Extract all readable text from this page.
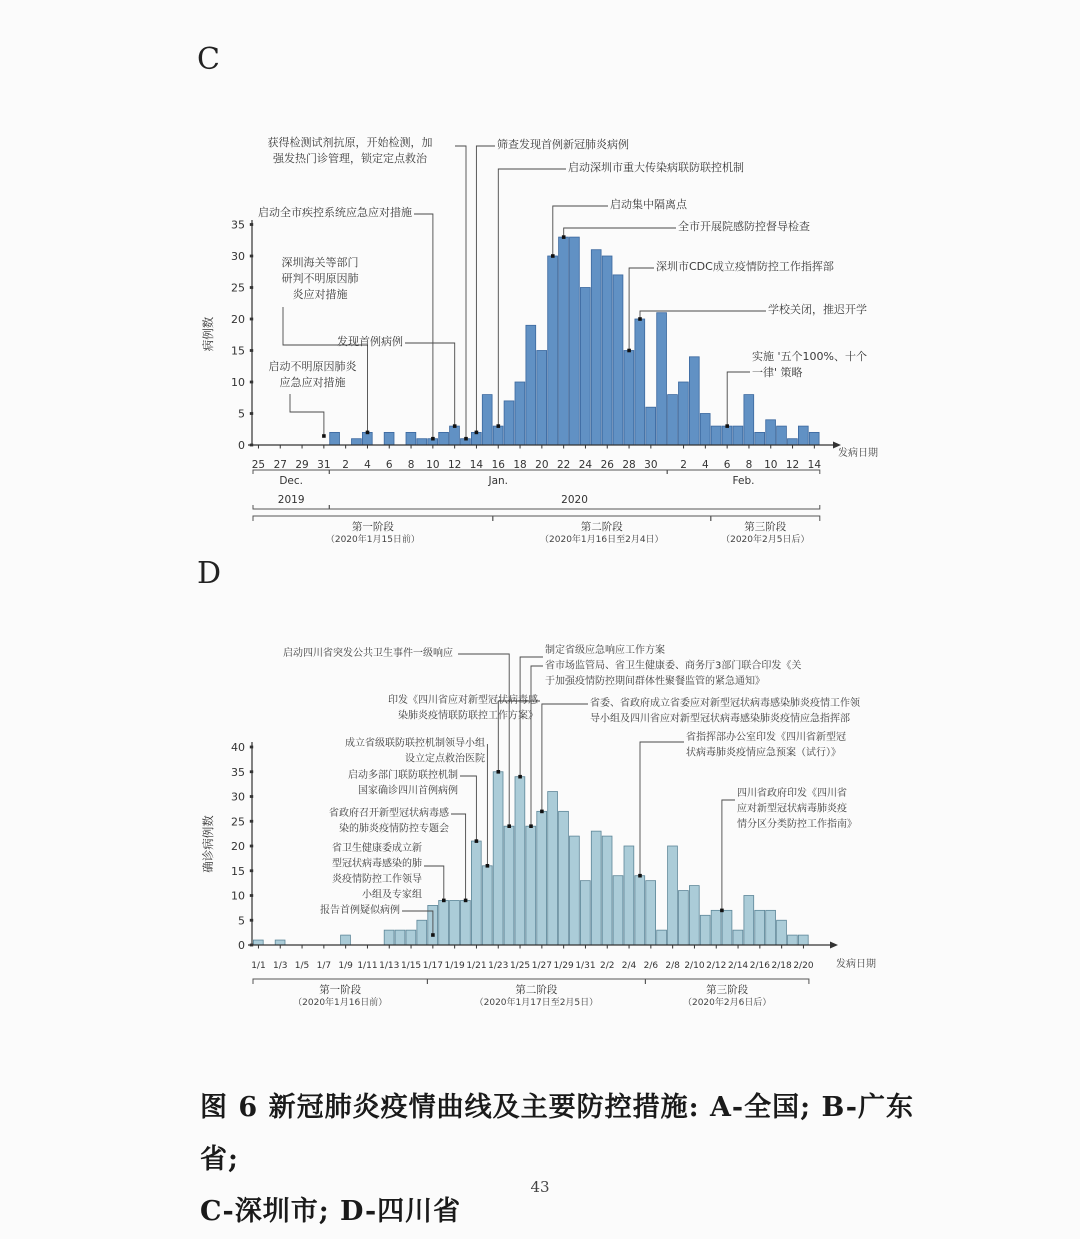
C
D
0
5
10
15
20
25
30
35
病例数
25 27 29 31 2 4 6 8 10 12 14 16 18 20 22 24 26 28 30 2 4 6 8 10 12 14
发病日期
Dec.	Jan.	Feb.
2019	2020
第一阶段
（2020年1月15日前）
第二阶段
（2020年1月16日至2月4日）
第三阶段
（2020年2月5日后）
获得检测试剂抗原，开始检测，加
强发热门诊管理，锁定定点救治
筛查发现首例新冠肺炎病例
启动深圳市重大传染病联防联控机制
启动集中隔离点
全市开展院感防控督导检查
深圳市CDC成立疫情防控工作指挥部
学校关闭，推迟开学
实施 '五个100%、十个
一律' 策略
启动全市疾控系统应急应对措施
深圳海关等部门
研判不明原因肺
炎应对措施
启动不明原因肺炎
应急应对措施
发现首例病例
0
5
10
15
20
25
30
35
40
确诊病例数
1/1 1/3 1/5 1/7 1/9 1/11 1/13 1/15 1/17 1/19 1/21 1/23 1/25 1/27 1/29 1/31 2/2 2/4 2/6 2/8 2/10 2/12 2/14 2/16 2/18 2/20 发病日期
第一阶段
（2020年1月16日前）
第二阶段
（2020年1月17日至2月5日）
第三阶段
（2020年2月6日后）
启动四川省突发公共卫生事件一级响应	制定省级应急响应工作方案
省市场监管局、省卫生健康委、商务厅3部门联合印发《关
于加强疫情防控期间群体性聚餐监管的紧急通知》
省委、省政府成立省委应对新型冠状病毒感染肺炎疫情工作领
导小组及四川省应对新型冠状病毒感染肺炎疫情应急指挥部
印发《四川省应对新型冠状病毒感
染肺炎疫情联防联控工作方案》
成立省级联防联控机制领导小组
设立定点救治医院
启动多部门联防联控机制
国家确诊四川首例病例
省政府召开新型冠状病毒感
染的肺炎疫情防控专题会
省卫生健康委成立新
型冠状病毒感染的肺
炎疫情防控工作领导
小组及专家组
报告首例疑似病例
省指挥部办公室印发《四川省新型冠
状病毒肺炎疫情应急预案（试行）》
四川省政府印发《四川省
应对新型冠状病毒肺炎疫
情分区分类防控工作指南》
图 6 新冠肺炎疫情曲线及主要防控措施: A-全国; B-广东省;
C-深圳市; D-四川省
43
